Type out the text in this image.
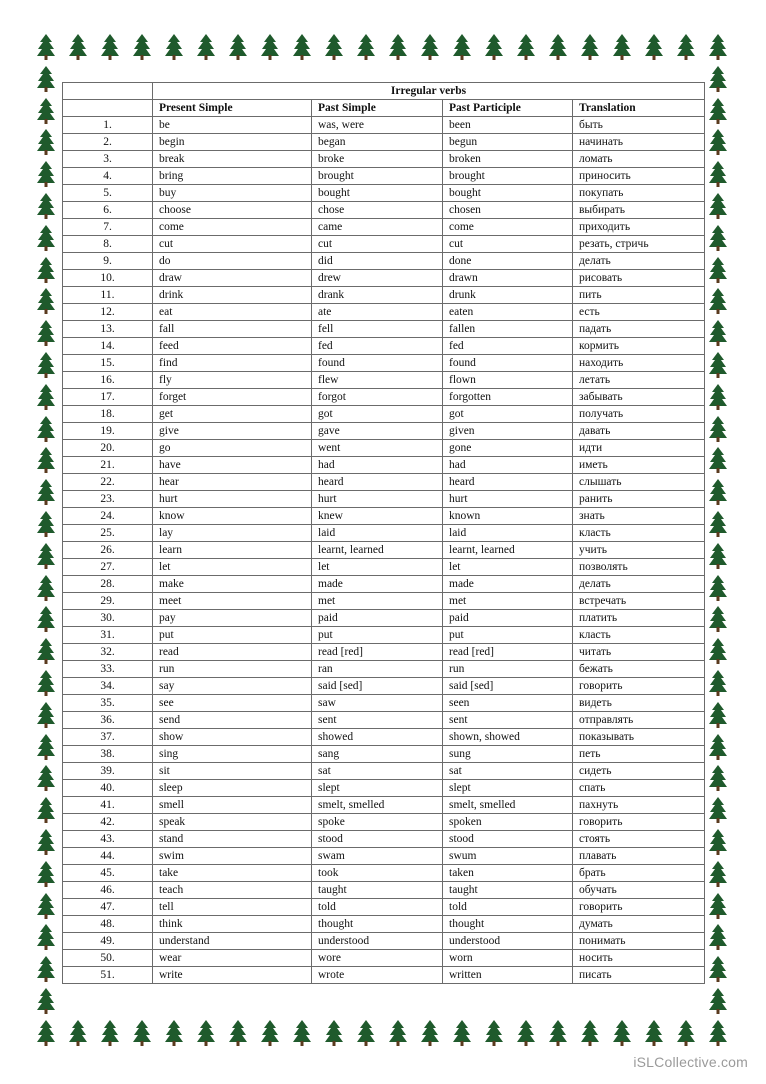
	Irregular verbs			
	Present Simple	Past Simple	Past Participle	Translation
1.	be	was, were	been	быть
2.	begin	began	begun	начинать
3.	break	broke	broken	ломать
4.	bring	brought	brought	приносить
5.	buy	bought	bought	покупать
6.	choose	chose	chosen	выбирать
7.	come	came	come	приходить
8.	cut	cut	cut	резать, стричь
9.	do	did	done	делать
10.	draw	drew	drawn	рисовать
11.	drink	drank	drunk	пить
12.	eat	ate	eaten	есть
13.	fall	fell	fallen	падать
14.	feed	fed	fed	кормить
15.	find	found	found	находить
16.	fly	flew	flown	летать
17.	forget	forgot	forgotten	забывать
18.	get	got	got	получать
19.	give	gave	given	давать
20.	go	went	gone	идти
21.	have	had	had	иметь
22.	hear	heard	heard	слышать
23.	hurt	hurt	hurt	ранить
24.	know	knew	known	знать
25.	lay	laid	laid	класть
26.	learn	learnt, learned	learnt, learned	учить
27.	let	let	let	позволять
28.	make	made	made	делать
29.	meet	met	met	встречать
30.	pay	paid	paid	платить
31.	put	put	put	класть
32.	read	read [red]	read [red]	читать
33.	run	ran	run	бежать
34.	say	said [sed]	said [sed]	говорить
35.	see	saw	seen	видеть
36.	send	sent	sent	отправлять
37.	show	showed	shown, showed	показывать
38.	sing	sang	sung	петь
39.	sit	sat	sat	сидеть
40.	sleep	slept	slept	спать
41.	smell	smelt, smelled	smelt, smelled	пахнуть
42.	speak	spoke	spoken	говорить
43.	stand	stood	stood	стоять
44.	swim	swam	swum	плавать
45.	take	took	taken	брать
46.	teach	taught	taught	обучать
47.	tell	told	told	говорить
48.	think	thought	thought	думать
49.	understand	understood	understood	понимать
50.	wear	wore	worn	носить
51.	write	wrote	written	писать
iSLCollective.com
